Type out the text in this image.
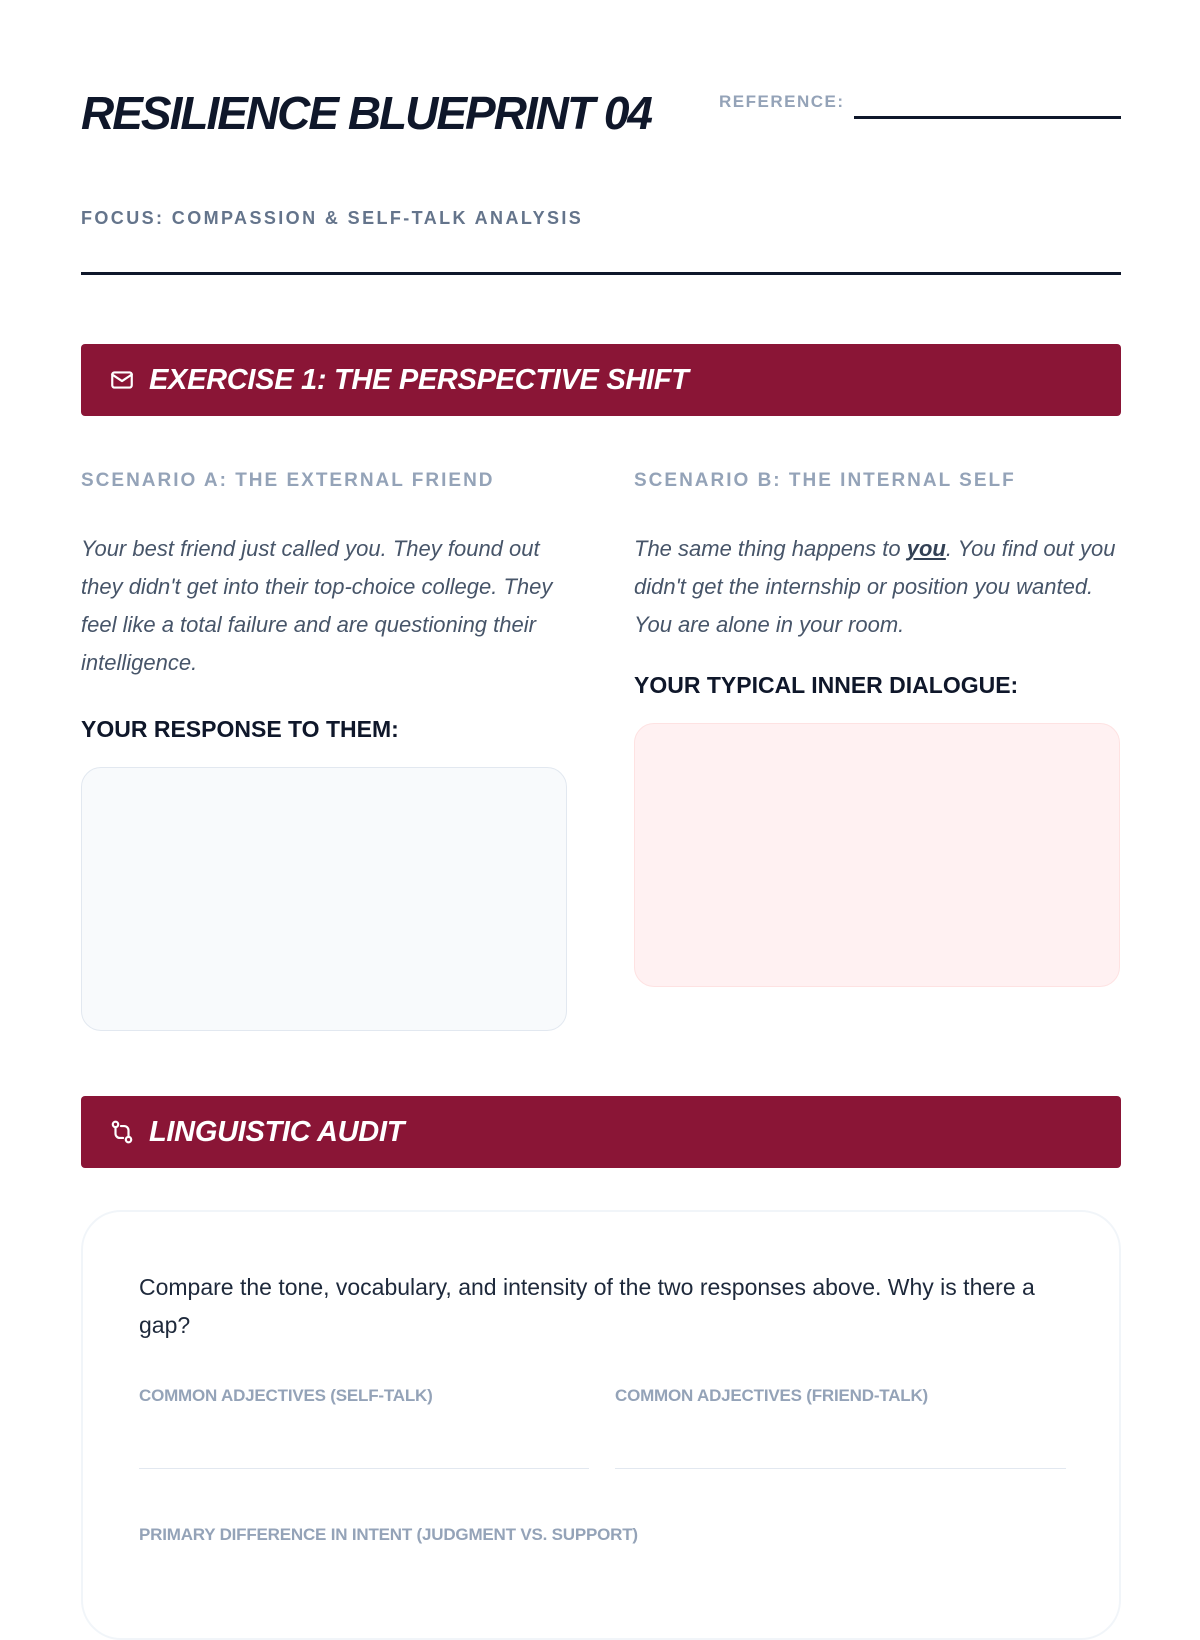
RESILIENCE BLUEPRINT 04	REFERENCE:
FOCUS: COMPASSION & SELF-TALK ANALYSIS
EXERCISE 1: THE PERSPECTIVE SHIFT
SCENARIO A: THE EXTERNAL FRIEND
Your best friend just called you. They found out they didn't get into their top-choice college. They feel like a total failure and are questioning their intelligence.
YOUR RESPONSE TO THEM:
SCENARIO B: THE INTERNAL SELF
The same thing happens to you. You find out you didn't get the internship or position you wanted. You are alone in your room.
YOUR TYPICAL INNER DIALOGUE:
LINGUISTIC AUDIT
Compare the tone, vocabulary, and intensity of the two responses above. Why is there a gap?
COMMON ADJECTIVES (SELF-TALK)	COMMON ADJECTIVES (FRIEND-TALK)
PRIMARY DIFFERENCE IN INTENT (JUDGMENT VS. SUPPORT)
